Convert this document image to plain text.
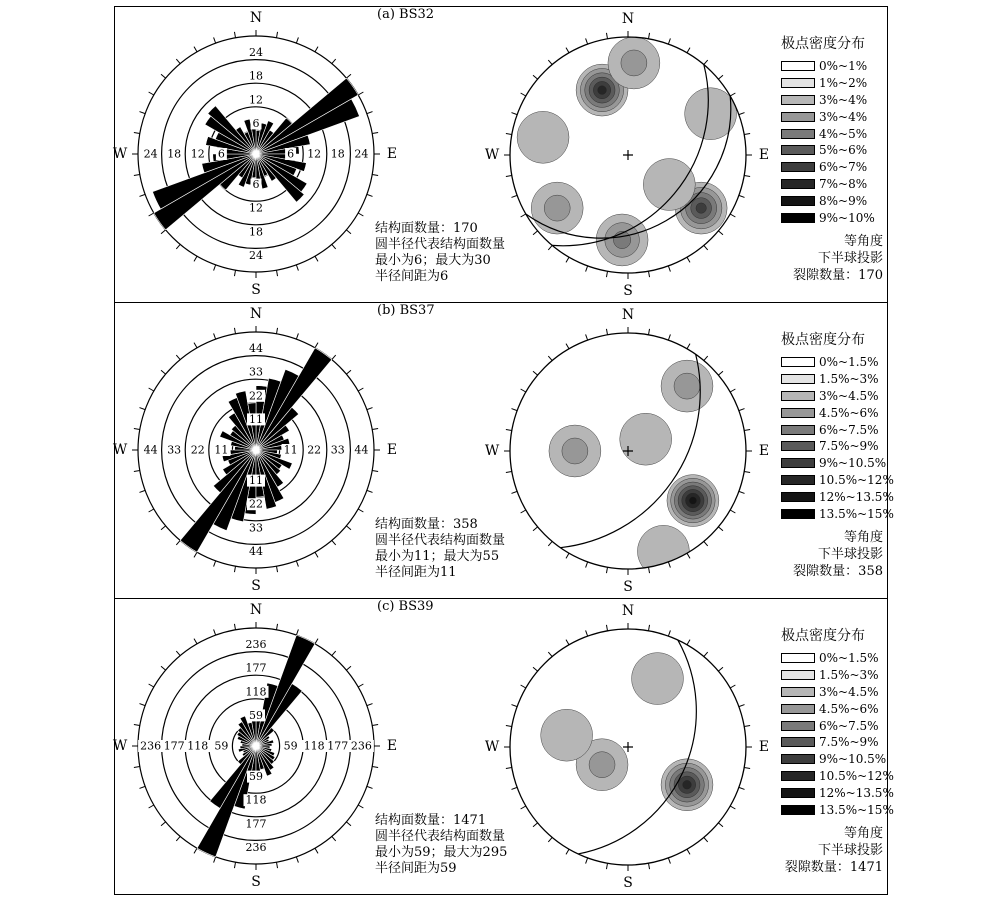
6
6
6
6
12
12
12
12
18
18
18
18
24
24
24
24
N
S
E
W
N
S
E
W
(a) BS32
结构面数量：170
圆半径代表结构面数量
最小为6；最大为30
半径间距为6
极点密度分布
0%~1%
1%~2%
3%~4%
3%~4%
4%~5%
5%~6%
6%~7%
7%~8%
8%~9%
9%~10%
等角度
下半球投影
裂隙数量：170
11
11
11
11
22
22
22
22
33
33
33
33
44
44
44
44
N
S
E
W
N
S
E
W
(b) BS37
结构面数量：358
圆半径代表结构面数量
最小为11；最大为55
半径间距为11
极点密度分布
0%~1.5%
1.5%~3%
3%~4.5%
4.5%~6%
6%~7.5%
7.5%~9%
9%~10.5%
10.5%~12%
12%~13.5%
13.5%~15%
等角度
下半球投影
裂隙数量：358
59
59
59
59
118
118
118
118
177
177
177
177
236
236
236
236
N
S
E
W
N
S
E
W
(c) BS39
结构面数量：1471
圆半径代表结构面数量
最小为59；最大为295
半径间距为59
极点密度分布
0%~1.5%
1.5%~3%
3%~4.5%
4.5%~6%
6%~7.5%
7.5%~9%
9%~10.5%
10.5%~12%
12%~13.5%
13.5%~15%
等角度
下半球投影
裂隙数量：1471
